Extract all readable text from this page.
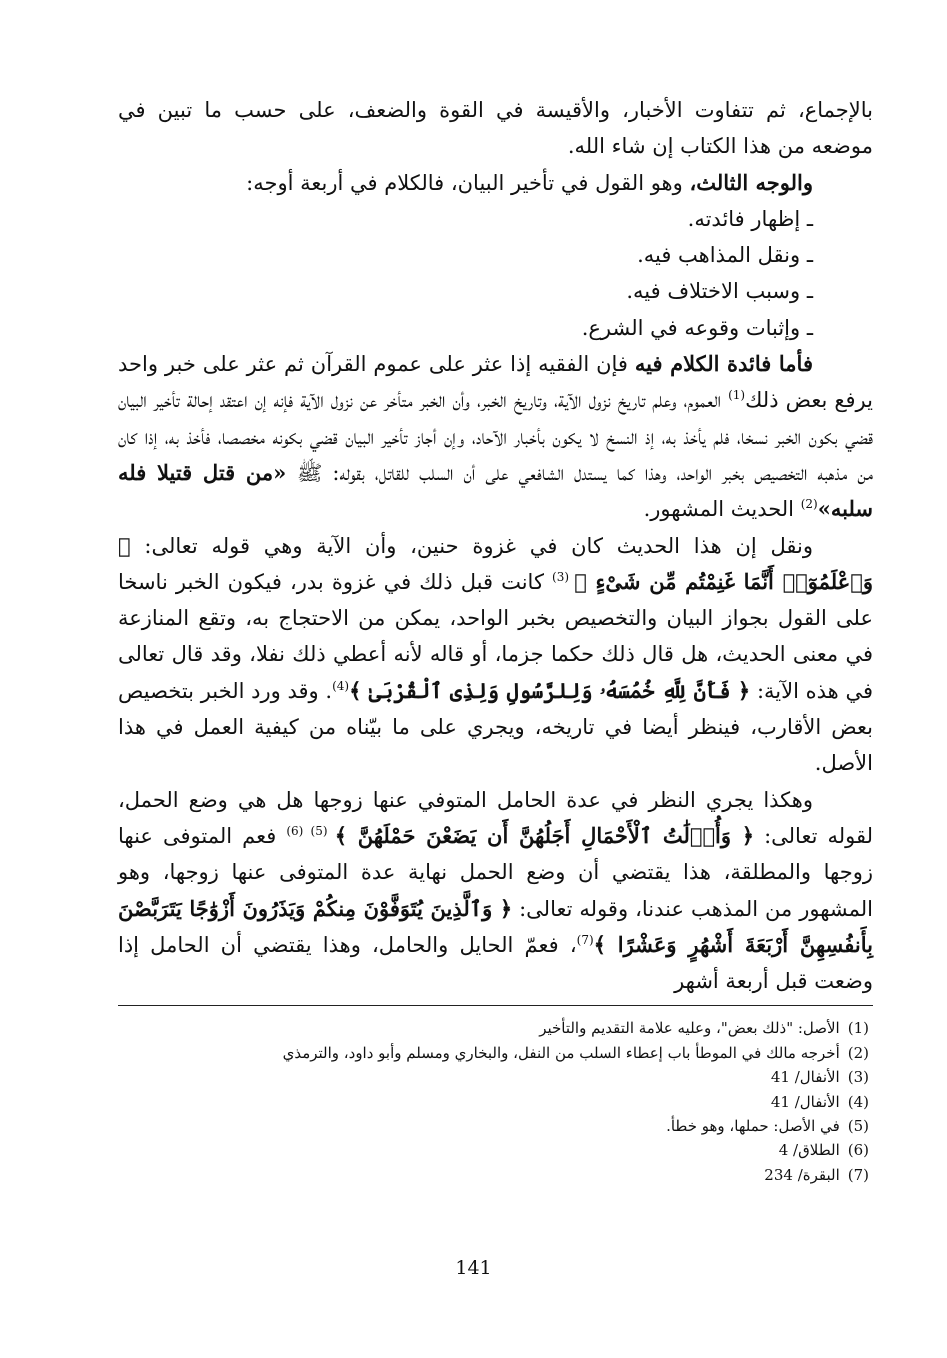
بالإجماع، ثم تتفاوت الأخبار، والأقيسة في القوة والضعف، على حسب ما تبين في موضعه من هذا الكتاب إن شاء الله.

والوجه الثالث، وهو القول في تأخير البيان، فالكلام في أربعة أوجه:

ـ إظهار فائدته.

ـ ونقل المذاهب فيه.

ـ وسبب الاختلاف فيه.

ـ وإثبات وقوعه في الشرع.

فأما فائدة الكلام فيه فإن الفقيه إذا عثر على عموم القرآن ثم عثر على خبر واحد يرفع بعض ذلك$^{(1)}$ العموم، وعلم تاريخ نزول الآية، وتاريخ الخبر، وأن الخبر متأخر عن نزول الآية فإنه إن اعتقد إحالة تأخير البيان قضي بكون الخبر نسخا، فلم يأخذ به، إذ النسخ لا يكون بأخبار الآحاد، وإن أجاز تأخير البيان قضي بكونه مخصصا، فأخذ به، إذا كان من مذهبه التخصيص بخبر الواحد، وهذا كما يستدل الشافعي على أن السلب للقاتل، بقوله: ﷺ «من قتل قتيلا فله سلبه»$^{(2)}$ الحديث المشهور.

ونقل إن هذا الحديث كان في غزوة حنين، وأن الآية وهي قوله تعالى: ﴿ وَٱعْلَمُوٓا۟ أَنَّمَا غَنِمْتُم مِّن شَىْءٍ ﴾ $^{(3)}$ كانت قبل ذلك في غزوة بدر، فيكون الخبر ناسخا على القول بجواز البيان والتخصيص بخبر الواحد، يمكن من الاحتجاج به، وتقع المنازعة في معنى الحديث، هل قال ذلك حكما جزما، أو قاله لأنه أعطي ذلك نفلا، وقد قال تعالى في هذه الآية: ﴿ فَأَنَّ لِلَّهِ خُمُسَهُۥ وَلِلرَّسُولِ وَلِذِى ٱلْقُرْبَىٰ ﴾$^{(4)}$. وقد ورد الخبر بتخصيص بعض الأقارب، فينظر أيضا في تاريخه، ويجري على ما بيّناه من كيفية العمل في هذا الأصل.

وهكذا يجري النظر في عدة الحامل المتوفي عنها زوجها هل هي وضع الحمل، لقوله تعالى: ﴿ وَأُو۟لَٰتُ ٱلْأَحْمَالِ أَجَلُهُنَّ أَن يَضَعْنَ حَمْلَهُنَّ ﴾ $^{(5)}$ $^{(6)}$ فعم المتوفى عنها زوجها والمطلقة، هذا يقتضي أن وضع الحمل نهاية عدة المتوفى عنها زوجها، وهو المشهور من المذهب عندنا، وقوله تعالى: ﴿ وَٱلَّذِينَ يُتَوَفَّوْنَ مِنكُمْ وَيَذَرُونَ أَزْوَٰجًا يَتَرَبَّصْنَ بِأَنفُسِهِنَّ أَرْبَعَةَ أَشْهُرٍ وَعَشْرًا ﴾$^{(7)}$، فعمّ الحايل والحامل، وهذا يقتضي أن الحامل إذا وضعت قبل أربعة أشهر

(1)
الأصل: "ذلك بعض"، وعليه علامة التقديم والتأخير

(2)
أخرجه مالك في الموطأ باب إعطاء السلب من النفل، والبخاري ومسلم وأبو داود، والترمذي

(3)
الأنفال/ 41

(4)
الأنفال/ 41

(5)
في الأصل: حملها، وهو خطأ.

(6)
الطلاق/ 4

(7)
البقرة/ 234

141
